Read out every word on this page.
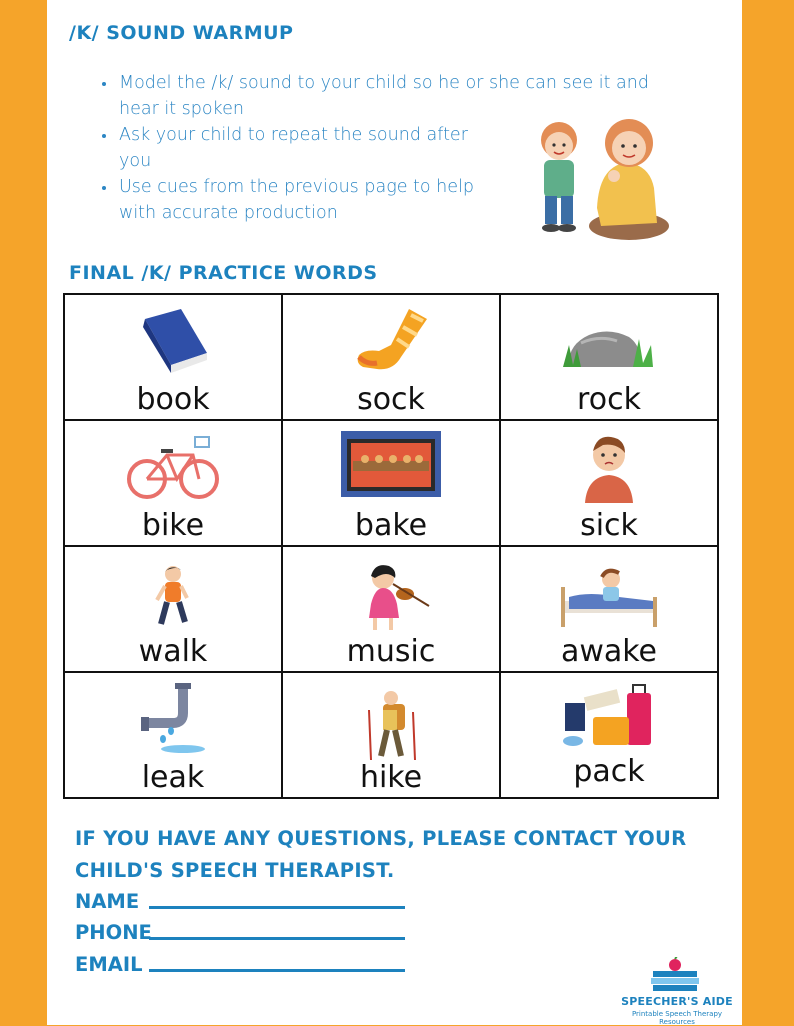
/K/ SOUND WARMUP
• Model the /k/ sound to your child so he or she can see it and hear it spoken
• Ask your child to repeat the sound after you
• Use cues from the previous page to help with accurate production
FINAL /K/ PRACTICE WORDS
book	sock	rock

bike	bake	sick

walk	music	awake

leak	hike	pack
IF YOU HAVE ANY QUESTIONS, PLEASE CONTACT YOUR CHILD'S SPEECH THERAPIST.
NAME
PHONE
EMAIL
SPEECHER'S AIDE
Printable Speech Therapy Resources
